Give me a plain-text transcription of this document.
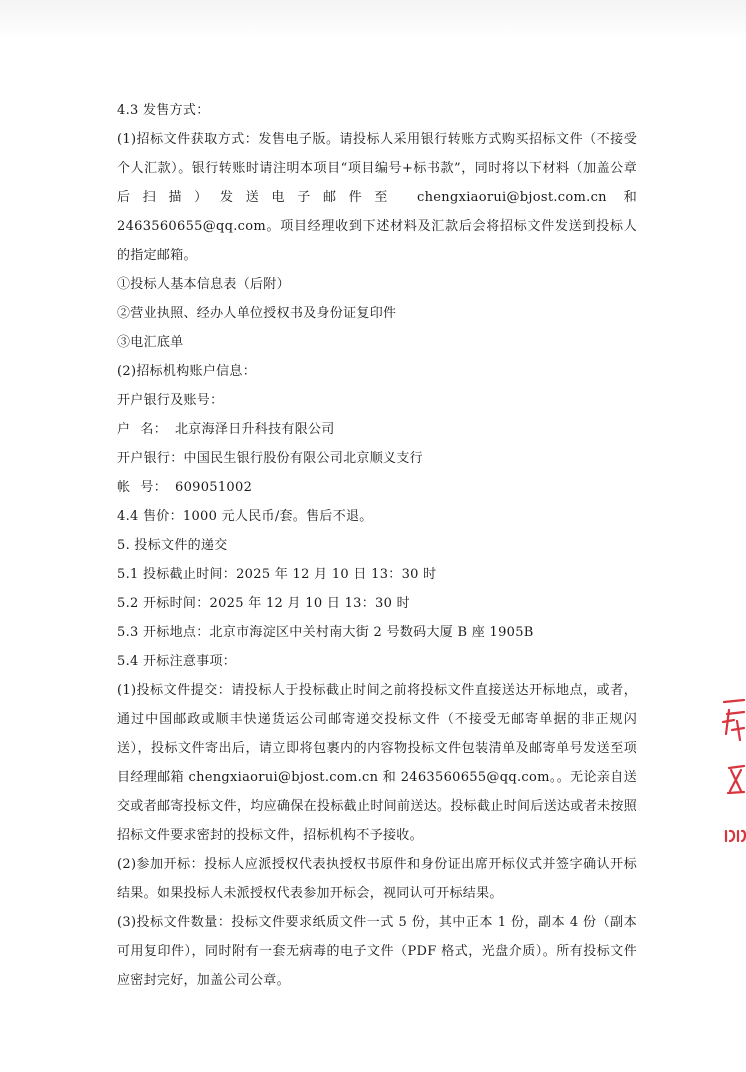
4.3 发售方式：

(1)招标文件获取方式：发售电子版。请投标人采用银行转账方式购买招标文件（不接受个人汇款）。银行转账时请注明本项目“项目编号+标书款”，同时将以下材料（加盖公章后扫描）发送电子邮件至 chengxiaorui@bjost.com.cn 和 2463560655@qq.com。项目经理收到下述材料及汇款后会将招标文件发送到投标人的指定邮箱。

①投标人基本信息表（后附）

②营业执照、经办人单位授权书及身份证复印件

③电汇底单

(2)招标机构账户信息：

开户银行及账号：

户 名： 北京海泽日升科技有限公司
开户银行： 中国民生银行股份有限公司北京顺义支行
帐 号： 609051002

4.4 售价：1000 元人民币/套。售后不退。

5. 投标文件的递交

5.1 投标截止时间：2025 年 12 月 10 日 13：30 时

5.2 开标时间：2025 年 12 月 10 日 13：30 时

5.3 开标地点：北京市海淀区中关村南大街 2 号数码大厦 B 座 1905B

5.4 开标注意事项：

(1)投标文件提交：请投标人于投标截止时间之前将投标文件直接送达开标地点，或者，通过中国邮政或顺丰快递货运公司邮寄递交投标文件（不接受无邮寄单据的非正规闪送），投标文件寄出后，请立即将包裹内的内容物投标文件包装清单及邮寄单号发送至项目经理邮箱 chengxiaorui@bjost.com.cn 和 2463560655@qq.com。。无论亲自送交或者邮寄投标文件，均应确保在投标截止时间前送达。投标截止时间后送达或者未按照招标文件要求密封的投标文件，招标机构不予接收。

(2)参加开标：投标人应派授权代表执授权书原件和身份证出席开标仪式并签字确认开标结果。如果投标人未派授权代表参加开标会，视同认可开标结果。

(3)投标文件数量：投标文件要求纸质文件一式 5 份，其中正本 1 份，副本 4 份（副本可用复印件），同时附有一套无病毒的电子文件（PDF 格式，光盘介质）。所有投标文件应密封完好，加盖公司公章。
